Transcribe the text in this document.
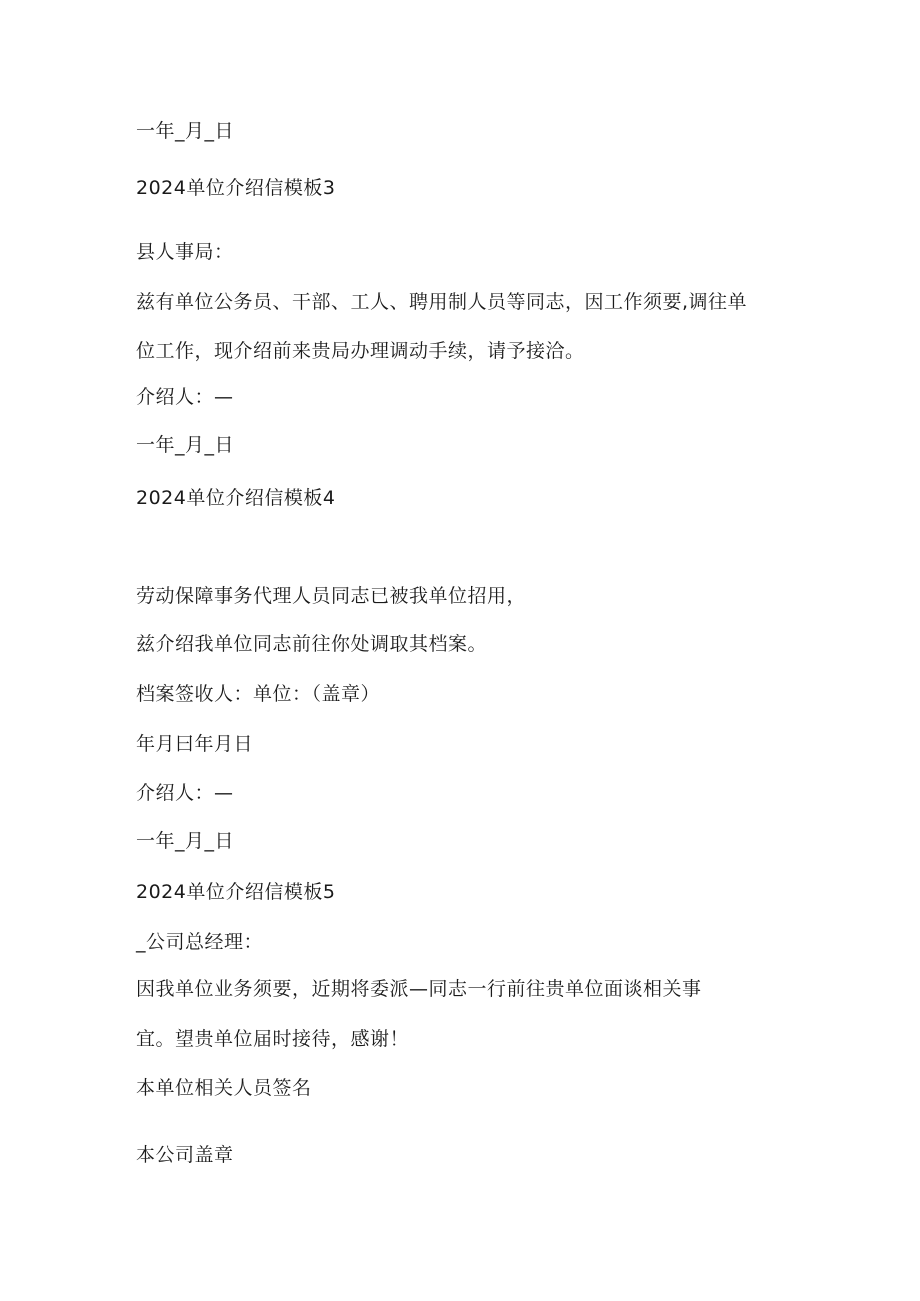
一年_月_日
2024单位介绍信模板3
县人事局：
兹有单位公务员、干部、工人、聘用制人员等同志，因工作须要,调往单
位工作，现介绍前来贵局办理调动手续，请予接洽。
介绍人：—
一年_月_日
2024单位介绍信模板4
劳动保障事务代理人员同志已被我单位招用，
兹介绍我单位同志前往你处调取其档案。
档案签收人：单位：（盖章）
年月曰年月日
介绍人：—
一年_月_日
2024单位介绍信模板5
_公司总经理：
因我单位业务须要，近期将委派—同志一行前往贵单位面谈相关事
宜。望贵单位届时接待，感谢！
本单位相关人员签名
本公司盖章
